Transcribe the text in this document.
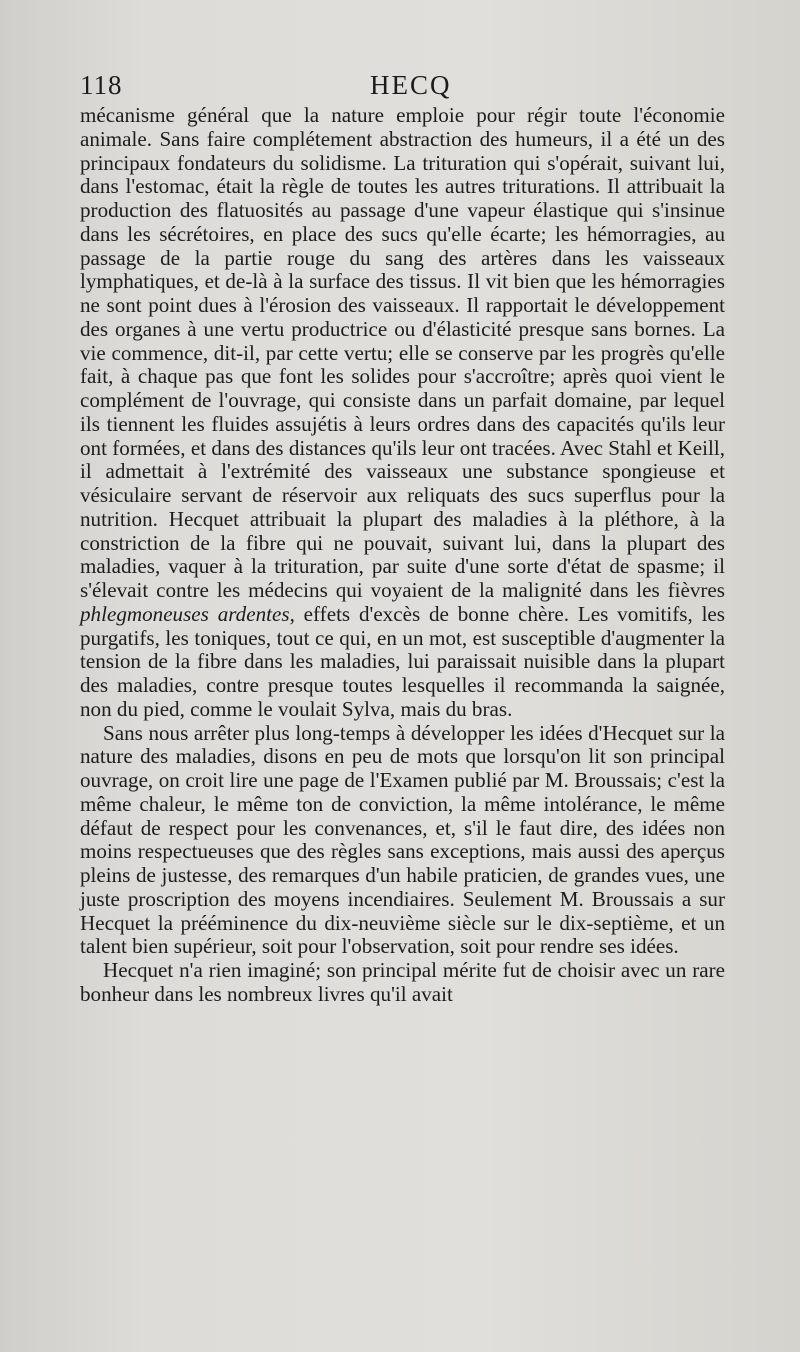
118	HECQ

mécanisme général que la nature emploie pour régir toute l'économie animale. Sans faire complétement abstraction des humeurs, il a été un des principaux fondateurs du solidisme. La trituration qui s'opérait, suivant lui, dans l'estomac, était la règle de toutes les autres triturations. Il attribuait la production des flatuosités au passage d'une vapeur élastique qui s'insinue dans les sécrétoires, en place des sucs qu'elle écarte; les hémorragies, au passage de la partie rouge du sang des artères dans les vaisseaux lymphatiques, et de-là à la surface des tissus. Il vit bien que les hémorragies ne sont point dues à l'érosion des vaisseaux. Il rapportait le développement des organes à une vertu productrice ou d'élasticité presque sans bornes. La vie commence, dit-il, par cette vertu; elle se conserve par les progrès qu'elle fait, à chaque pas que font les solides pour s'accroître; après quoi vient le complément de l'ouvrage, qui consiste dans un parfait domaine, par lequel ils tiennent les fluides assujétis à leurs ordres dans des capacités qu'ils leur ont formées, et dans des distances qu'ils leur ont tracées. Avec Stahl et Keill, il admettait à l'extrémité des vaisseaux une substance spongieuse et vésiculaire servant de réservoir aux reliquats des sucs superflus pour la nutrition. Hecquet attribuait la plupart des maladies à la pléthore, à la constriction de la fibre qui ne pouvait, suivant lui, dans la plupart des maladies, vaquer à la trituration, par suite d'une sorte d'état de spasme; il s'élevait contre les médecins qui voyaient de la malignité dans les fièvres phlegmoneuses ardentes, effets d'excès de bonne chère. Les vomitifs, les purgatifs, les toniques, tout ce qui, en un mot, est susceptible d'augmenter la tension de la fibre dans les maladies, lui paraissait nuisible dans la plupart des maladies, contre presque toutes lesquelles il recommanda la saignée, non du pied, comme le voulait Sylva, mais du bras.

Sans nous arrêter plus long-temps à développer les idées d'Hecquet sur la nature des maladies, disons en peu de mots que lorsqu'on lit son principal ouvrage, on croit lire une page de l'Examen publié par M. Broussais; c'est la même chaleur, le même ton de conviction, la même intolérance, le même défaut de respect pour les convenances, et, s'il le faut dire, des idées non moins respectueuses que des règles sans exceptions, mais aussi des aperçus pleins de justesse, des remarques d'un habile praticien, de grandes vues, une juste proscription des moyens incendiaires. Seulement M. Broussais a sur Hecquet la prééminence du dix-neuvième siècle sur le dix-septième, et un talent bien supérieur, soit pour l'observation, soit pour rendre ses idées.

Hecquet n'a rien imaginé; son principal mérite fut de choisir avec un rare bonheur dans les nombreux livres qu'il avait
